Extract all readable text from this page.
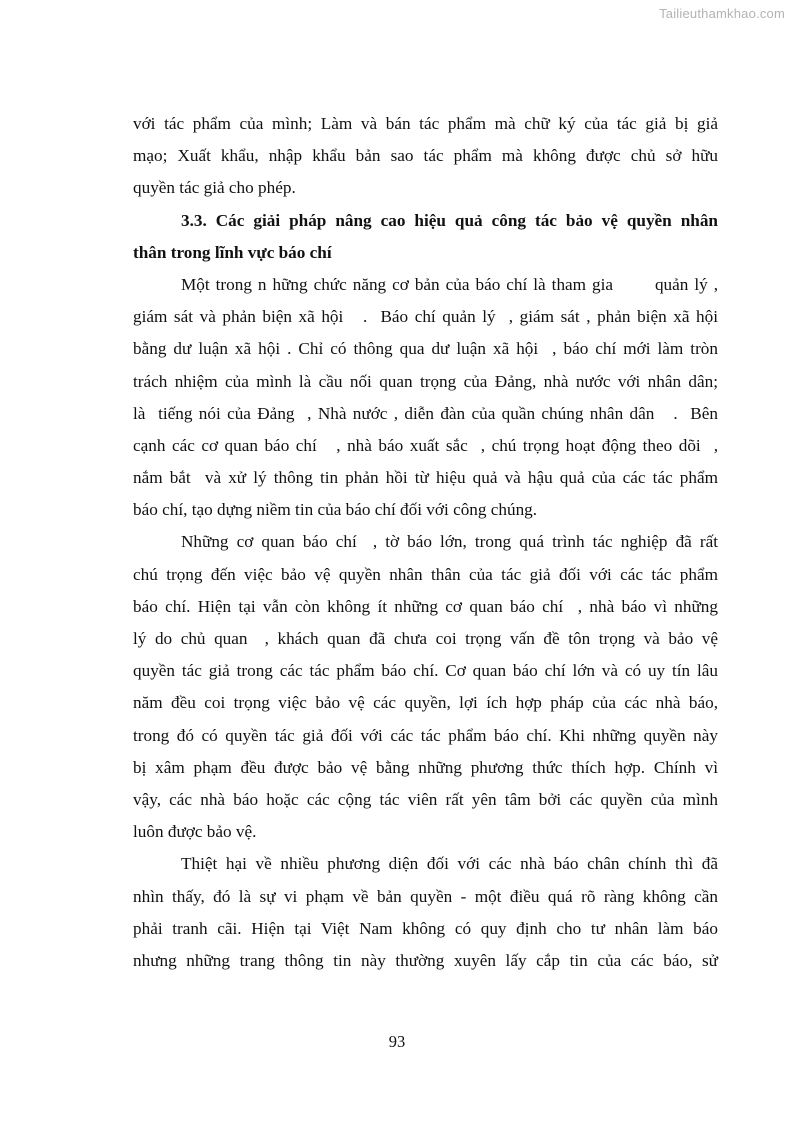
Tailieuthamkhao.com
với tác phẩm của mình; Làm và bán tác phẩm mà chữ ký của tác giả bị giả
mạo; Xuất khẩu, nhập khẩu bản sao tác phẩm mà không được chủ sở hữu
quyền tác giả cho phép.
3.3. Các giải pháp nâng cao hiệu quả công tác bảo vệ quyền nhân
thân trong lĩnh vực báo chí
Một trong n hững chức năng cơ bản của báo chí là tham gia       quản lý ,
giám sát và phản biện xã hội   .  Báo chí quản lý  , giám sát , phản biện xã hội
bằng dư luận xã hội . Chỉ có thông qua dư luận xã hội  , báo chí mới làm tròn
trách nhiệm của mình là cầu nối quan trọng của Đảng, nhà nước với nhân dân;
là  tiếng nói của Đảng  , Nhà nước , diễn đàn của quần chúng nhân dân   .  Bên
cạnh các cơ quan báo chí   , nhà báo xuất sắc  , chú trọng hoạt động theo dõi  ,
nắm bắt  và xử lý thông tin phản hồi từ hiệu quả và hậu quả của các tác phẩm
báo chí, tạo dựng niềm tin của báo chí đối với công chúng.
Những cơ quan báo chí  , tờ báo lớn, trong quá trình tác nghiệp đã rất
chú trọng đến việc bảo vệ quyền nhân thân của tác giả đối với các tác phẩm
báo chí. Hiện tại vẫn còn không ít những cơ quan báo chí  , nhà báo vì những
lý do chủ quan  , khách quan đã chưa coi trọng vấn đề tôn trọng và bảo vệ
quyền tác giả trong các tác phẩm báo chí. Cơ quan báo chí lớn và có uy tín lâu
năm đều coi trọng việc bảo vệ các quyền, lợi ích hợp pháp của các nhà báo,
trong đó có quyền tác giả đối với các tác phẩm báo chí. Khi những quyền này
bị xâm phạm đều được bảo vệ bằng những phương thức thích hợp. Chính vì
vậy, các nhà báo hoặc các cộng tác viên rất yên tâm bởi các quyền của mình
luôn được bảo vệ.
Thiệt hại về nhiều phương diện đối với các nhà báo chân chính thì đã
nhìn thấy, đó là sự vi phạm về bản quyền - một điều quá rõ ràng không cần
phải tranh cãi. Hiện tại Việt Nam không có quy định cho tư nhân làm báo
nhưng những trang thông tin này thường xuyên lấy cắp tin của các báo, sử
93
